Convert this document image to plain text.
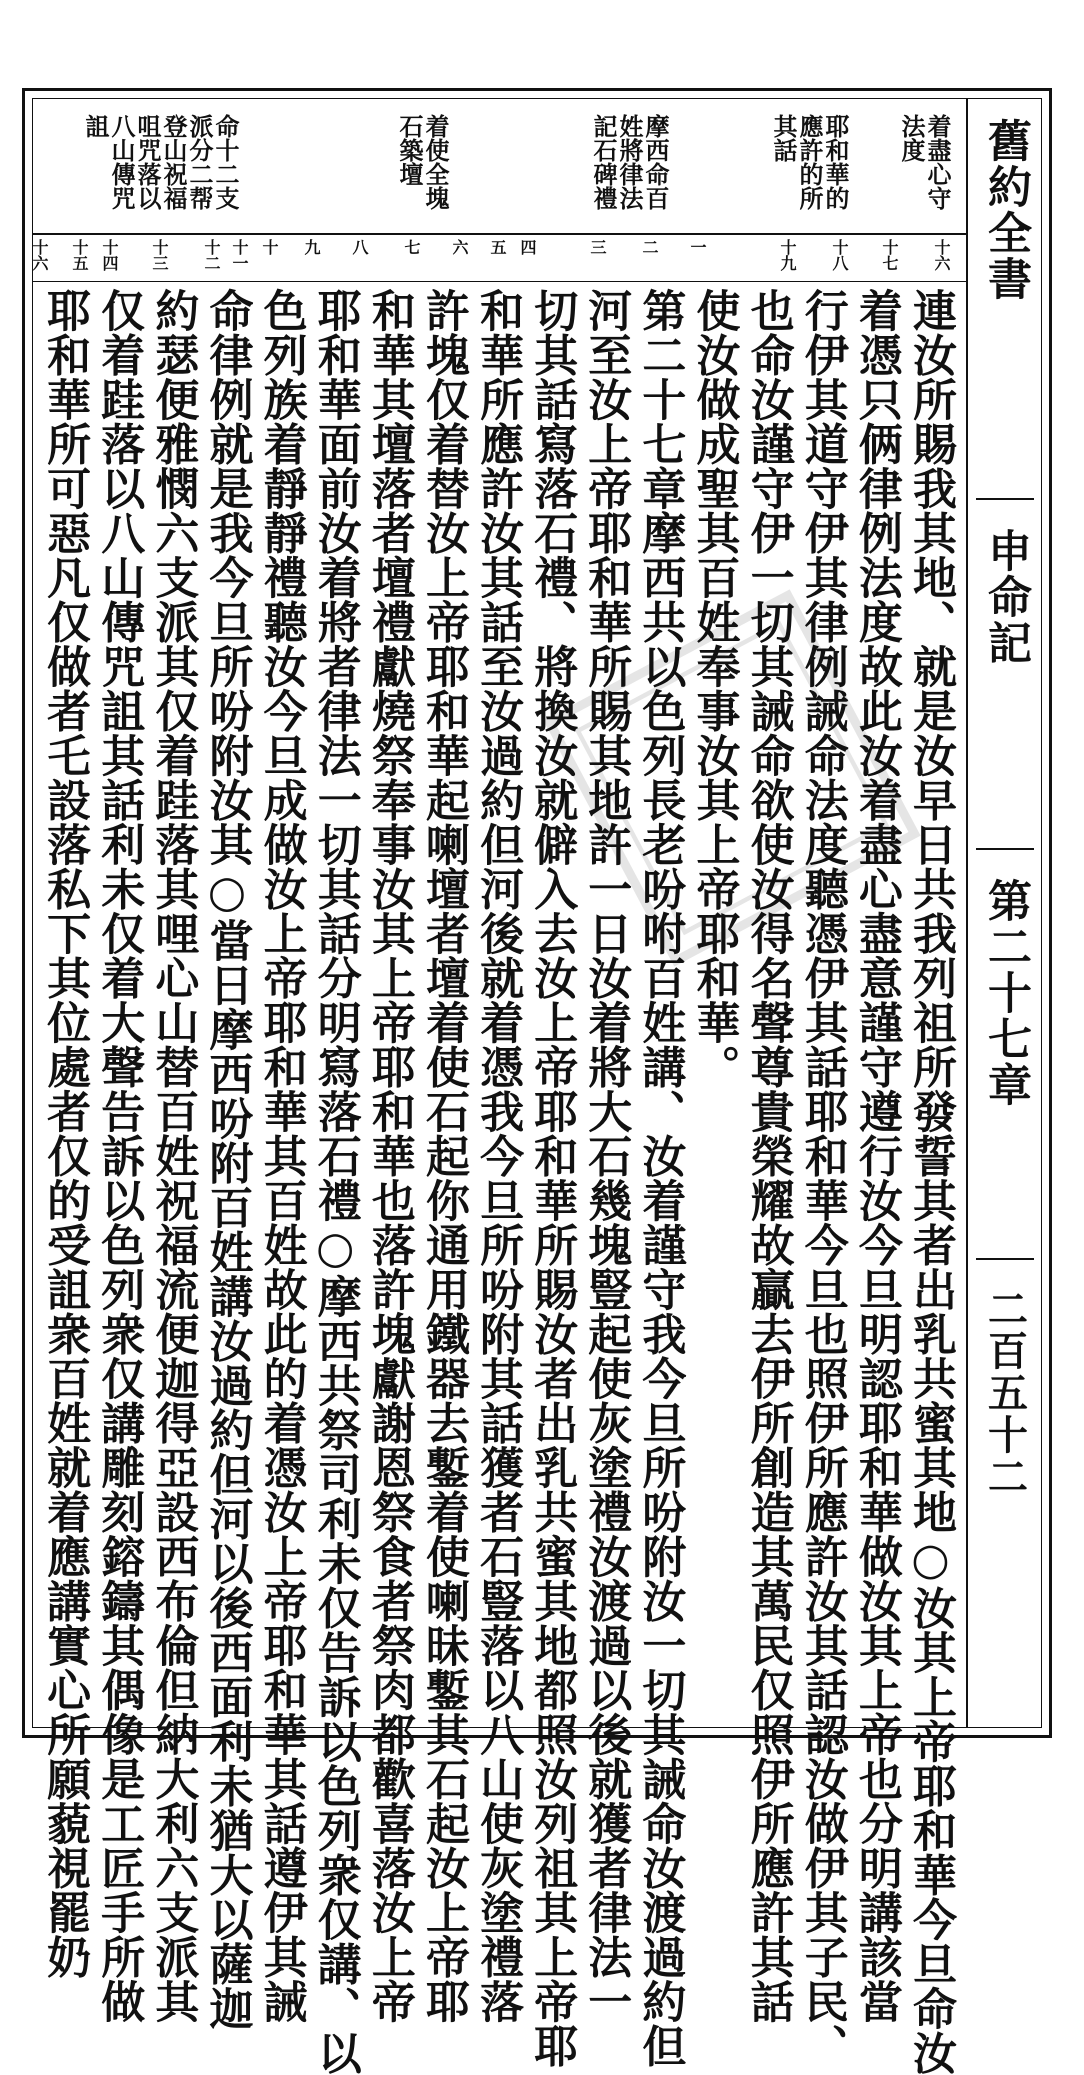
舊約全書
申命記
第二十七章
二百五十二
着盡心守法度
耶和華的應許的所其話
摩西命百姓將律法記石碑禮
着使全塊石築壇
命十二支派分二帮登山祝福咀咒落以八山傳咒詛
十六
十七
十八
十九
一
二
三
四
五
六
七
八
九
十
十一
十二
十三
十四
十五
十六
連汝所賜我其地、就是汝早日共我列祖所發誓其者出乳共蜜其地○汝其上帝耶和華今旦命汝
着憑只俩律例法度故此汝着盡心盡意謹守遵行汝今旦明認耶和華做汝其上帝也分明講該當
行伊其道守伊其律例誡命法度聽憑伊其話耶和華今旦也照伊所應許汝其話認汝做伊其子民、
也命汝謹守伊一切其誡命欲使汝得名聲尊貴榮耀故贏去伊所創造其萬民仅照伊所應許其話
使汝做成聖其百姓奉事汝其上帝耶和華。
第二十七章摩西共以色列長老吩咐百姓講、汝着謹守我今旦所吩附汝一切其誡命汝渡過約但
河至汝上帝耶和華所賜其地許一日汝着將大石幾塊豎起使灰塗禮汝渡過以後就獲者律法一
切其話寫落石禮、將換汝就僻入去汝上帝耶和華所賜汝者出乳共蜜其地都照汝列祖其上帝耶
和華所應許汝其話至汝過約但河後就着憑我今旦所吩附其話獲者石豎落以八山使灰塗禮落
許塊仅着替汝上帝耶和華起喇壇者壇着使石起你通用鐵器去鏨着使喇昧鏨其石起汝上帝耶
和華其壇落者壇禮獻燒祭奉事汝其上帝耶和華也落許塊獻謝恩祭食者祭肉都歡喜落汝上帝
耶和華面前汝着將者律法一切其話分明寫落石禮○摩西共祭司利未仅告訴以色列衆仅講、以
色列族着靜靜禮聽汝今旦成做汝上帝耶和華其百姓故此的着憑汝上帝耶和華其話遵伊其誡
命律例就是我今旦所吩附汝其○當日摩西吩附百姓講汝過約但河以後西面利未猶大以薩迦
約瑟便雅憫六支派其仅着跬落其哩心山替百姓祝福流便迦得亞設西布倫但納大利六支派其
仅着跬落以八山傳咒詛其話利未仅着大聲告訴以色列衆仅講雕刻鎔鑄其偶像是工匠手所做
耶和華所可惡凡仅做者乇設落私下其位處者仅的受詛衆百姓就着應講實心所願藐視罷奶
